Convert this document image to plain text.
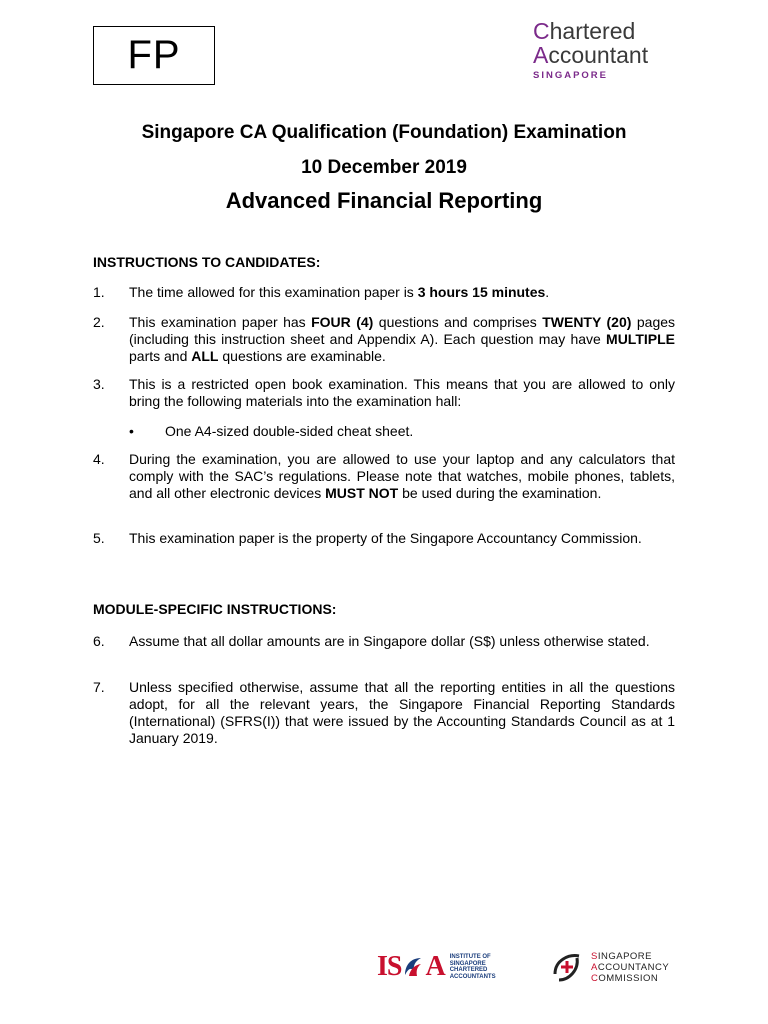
FP
Chartered
Accountant
SINGAPORE
Singapore CA Qualification (Foundation) Examination
10 December 2019
Advanced Financial Reporting
INSTRUCTIONS TO CANDIDATES:
1. The time allowed for this examination paper is 3 hours 15 minutes.
2. This examination paper has FOUR (4) questions and comprises TWENTY (20) pages (including this instruction sheet and Appendix A). Each question may have MULTIPLE parts and ALL questions are examinable.
3. This is a restricted open book examination. This means that you are allowed to only bring the following materials into the examination hall:
• One A4-sized double-sided cheat sheet.
4. During the examination, you are allowed to use your laptop and any calculators that comply with the SAC’s regulations. Please note that watches, mobile phones, tablets, and all other electronic devices MUST NOT be used during the examination.
5. This examination paper is the property of the Singapore Accountancy Commission.
MODULE-SPECIFIC INSTRUCTIONS:
6. Assume that all dollar amounts are in Singapore dollar (S$) unless otherwise stated.
7. Unless specified otherwise, assume that all the reporting entities in all the questions adopt, for all the relevant years, the Singapore Financial Reporting Standards (International) (SFRS(I)) that were issued by the Accounting Standards Council as at 1 January 2019.
IS A INSTITUTE OF
SINGAPORE
CHARTERED
ACCOUNTANTS
SINGAPORE
ACCOUNTANCY
COMMISSION
